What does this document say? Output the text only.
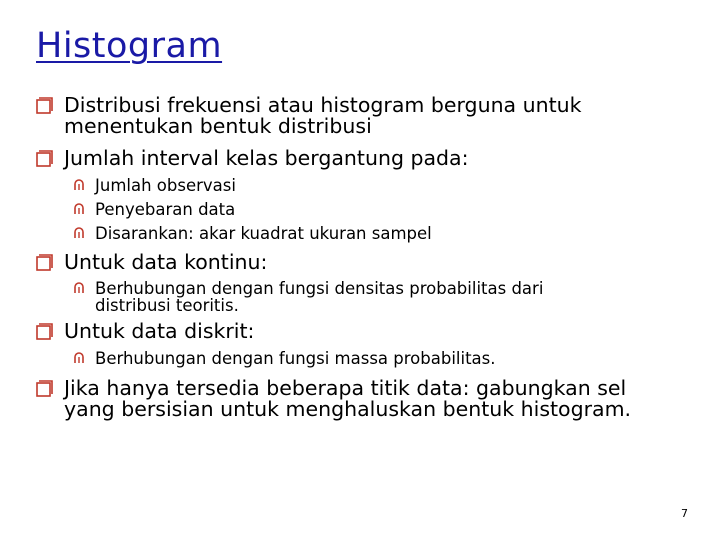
Histogram
Distribusi frekuensi atau histogram berguna untuk menentukan bentuk distribusi
Jumlah interval kelas bergantung pada:
Jumlah observasi
Penyebaran data
Disarankan: akar kuadrat ukuran sampel
Untuk data kontinu:
Berhubungan dengan fungsi densitas probabilitas dari distribusi teoritis.
Untuk data diskrit:
Berhubungan dengan fungsi massa probabilitas.
Jika hanya tersedia beberapa titik data: gabungkan sel yang bersisian untuk menghaluskan bentuk histogram.
7
